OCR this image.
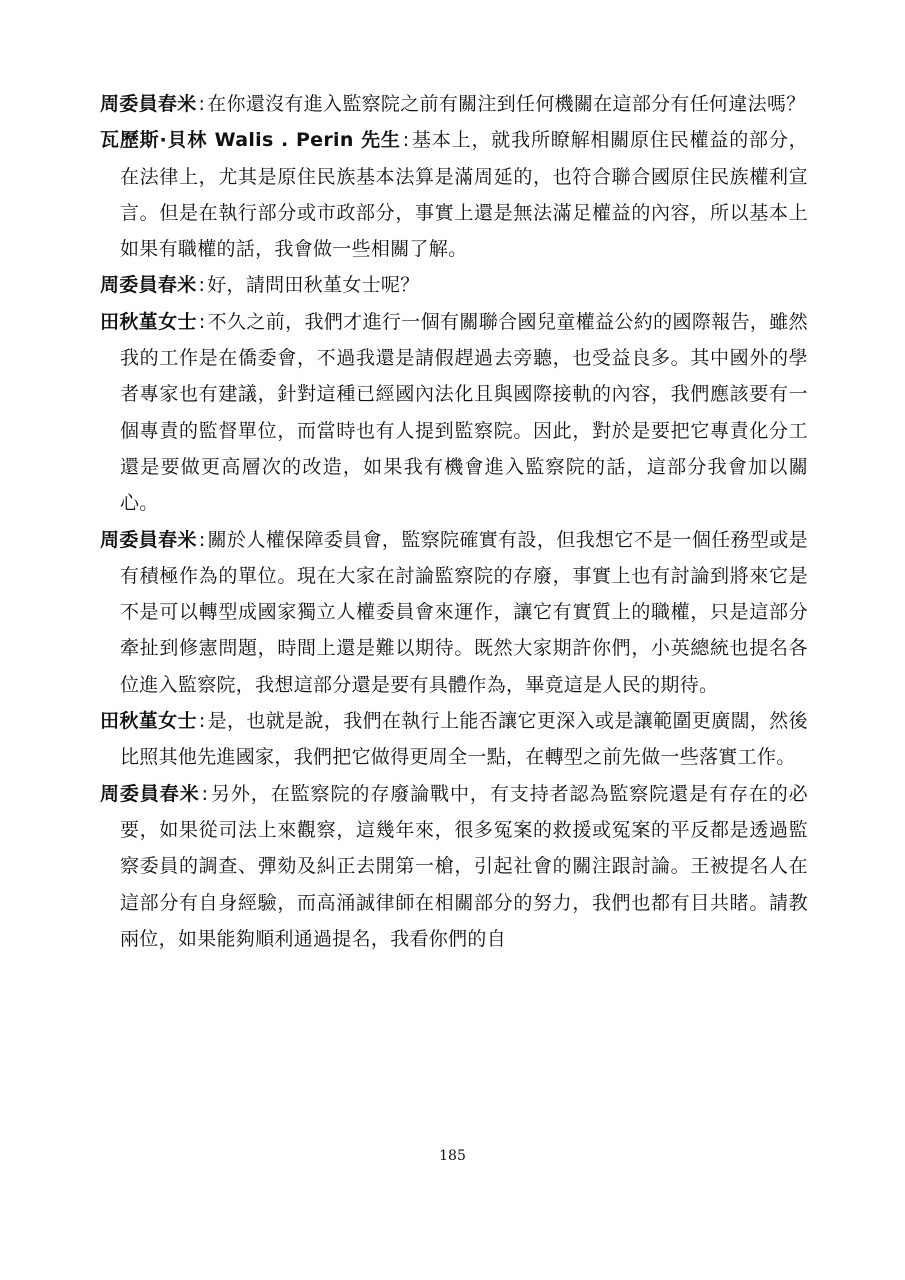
周委員春米 : 在你還沒有進入監察院之前有關注到任何機關在這部分有任何違法嗎？

瓦歷斯·貝林 Walis . Perin 先生 : 基本上，就我所瞭解相關原住民權益的部分，在法律上，尤其是原住民族基本法算是滿周延的，也符合聯合國原住民族權利宣言。但是在執行部分或市政部分，事實上還是無法滿足權益的內容，所以基本上如果有職權的話，我會做一些相關了解。

周委員春米 : 好，請問田秋堇女士呢？

田秋堇女士 : 不久之前，我們才進行一個有關聯合國兒童權益公約的國際報告，雖然我的工作是在僑委會，不過我還是請假趕過去旁聽，也受益良多。其中國外的學者專家也有建議，針對這種已經國內法化且與國際接軌的內容，我們應該要有一個專責的監督單位，而當時也有人提到監察院。因此，對於是要把它專責化分工還是要做更高層次的改造，如果我有機會進入監察院的話，這部分我會加以關心。

周委員春米 : 關於人權保障委員會，監察院確實有設，但我想它不是一個任務型或是有積極作為的單位。現在大家在討論監察院的存廢，事實上也有討論到將來它是不是可以轉型成國家獨立人權委員會來運作，讓它有實質上的職權，只是這部分牽扯到修憲問題，時間上還是難以期待。既然大家期許你們，小英總統也提名各位進入監察院，我想這部分還是要有具體作為，畢竟這是人民的期待。

田秋堇女士 : 是，也就是說，我們在執行上能否讓它更深入或是讓範圍更廣闊，然後比照其他先進國家，我們把它做得更周全一點，在轉型之前先做一些落實工作。

周委員春米 : 另外，在監察院的存廢論戰中，有支持者認為監察院還是有存在的必要，如果從司法上來觀察，這幾年來，很多冤案的救援或冤案的平反都是透過監察委員的調查、彈劾及糾正去開第一槍，引起社會的關注跟討論。王被提名人在這部分有自身經驗，而高涌誠律師在相關部分的努力，我們也都有目共睹。請教兩位，如果能夠順利通過提名，我看你們的自

185
